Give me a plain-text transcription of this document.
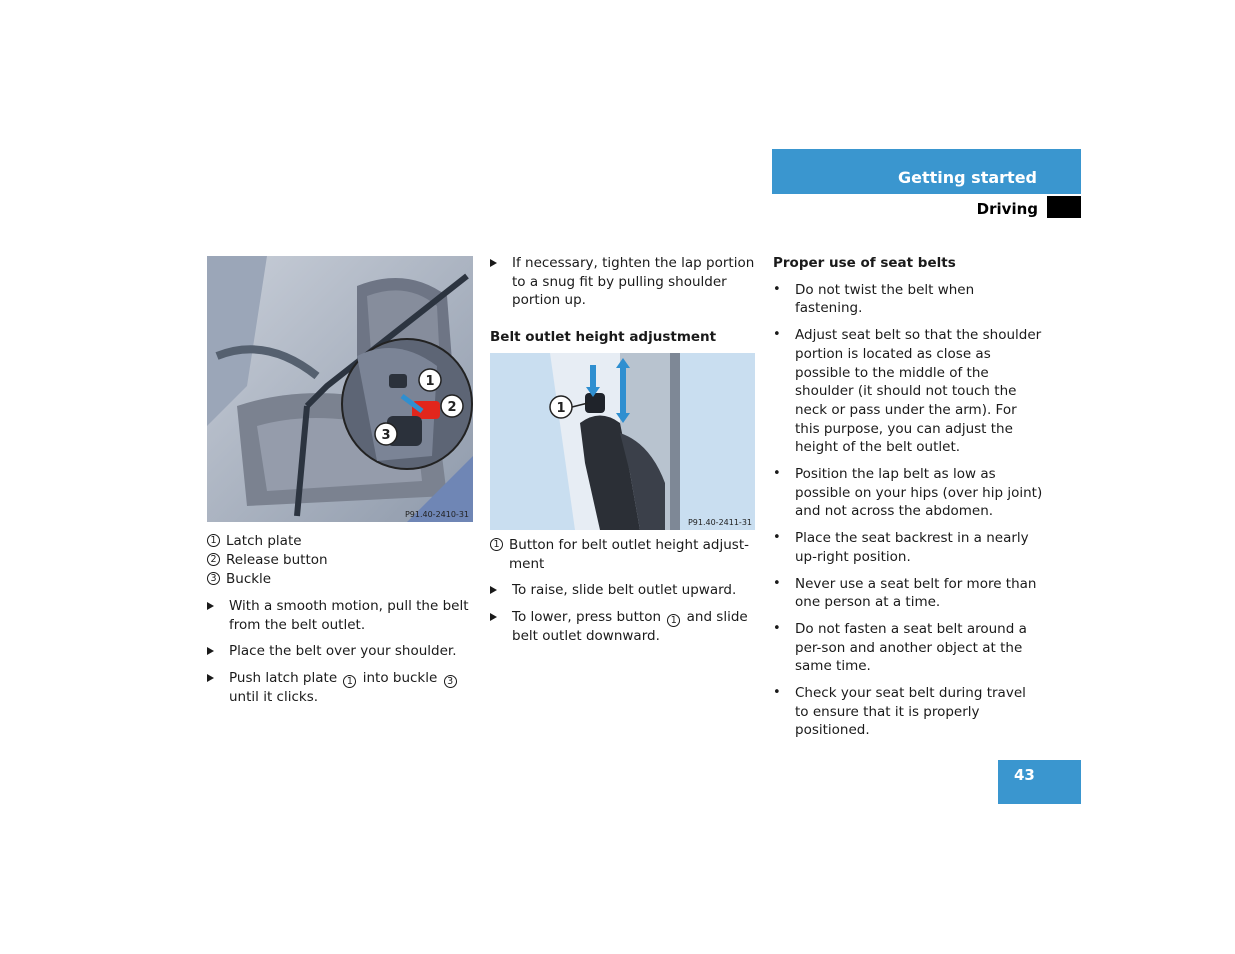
Getting started
Driving
1
2
3
P91.40-2410-31
1 Latch plate
2 Release button
3 Buckle

With a smooth motion, pull the belt from the belt outlet.

Place the belt over your shoulder.

Push latch plate 1 into buckle 3 until it clicks.

If necessary, tighten the lap portion to a snug fit by pulling shoulder portion up.

Belt outlet height adjustment
1
P91.40-2411-31
1 Button for belt outlet height adjust-ment

To raise, slide belt outlet upward.

To lower, press button 1 and slide belt outlet downward.

Proper use of seat belts
•	Do not twist the belt when fastening.

•	Adjust seat belt so that the shoulder portion is located as close as possible to the middle of the shoulder (it should not touch the neck or pass under the arm). For this purpose, you can adjust the height of the belt outlet.

•	Position the lap belt as low as possible on your hips (over hip joint) and not across the abdomen.

•	Place the seat backrest in a nearly up-right position.

•	Never use a seat belt for more than one person at a time.

•	Do not fasten a seat belt around a per-son and another object at the same time.

•	Check your seat belt during travel to ensure that it is properly positioned.

43
